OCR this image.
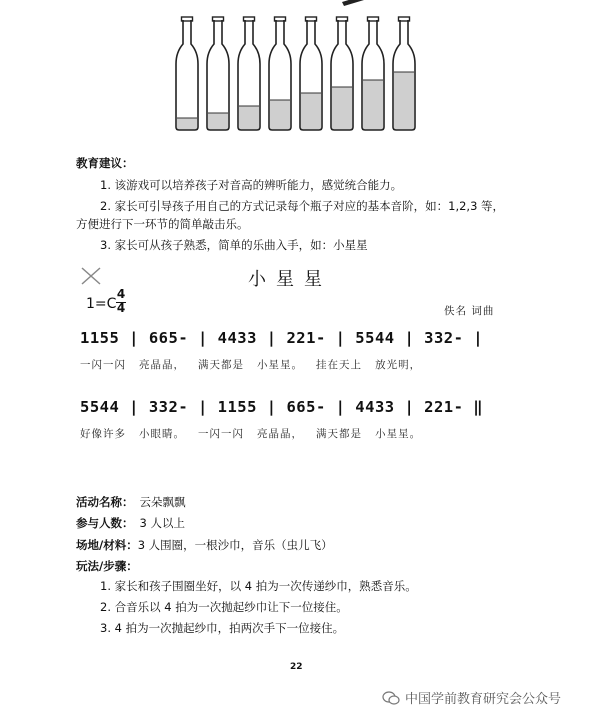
教育建议：
1. 该游戏可以培养孩子对音高的辨听能力，感觉统合能力。
2. 家长可引导孩子用自己的方式记录每个瓶子对应的基本音阶，如：1,2,3 等，
方便进行下一环节的简单敲击乐。
3. 家长可从孩子熟悉，简单的乐曲入手，如：小星星
小星星
1=C
4
4	佚名 词曲
1155 | 665- | 4433 | 221- | 5544 | 332- |
一闪一闪   亮晶晶，   满天都是   小星星。   挂在天上   放光明，
5544 | 332- | 1155 | 665- | 4433 | 221- ‖
好像许多   小眼睛。   一闪一闪   亮晶晶，   满天都是   小星星。
活动名称： 云朵飘飘
参与人数： 3 人以上
场地/材料：3 人围圈，一根沙巾，音乐（虫儿飞）
玩法/步骤：
1. 家长和孩子围圈坐好，以 4 拍为一次传递纱巾，熟悉音乐。
2. 合音乐以 4 拍为一次抛起纱巾让下一位接住。
3. 4 拍为一次抛起纱巾，拍两次手下一位接住。
22
中国学前教育研究会公众号
